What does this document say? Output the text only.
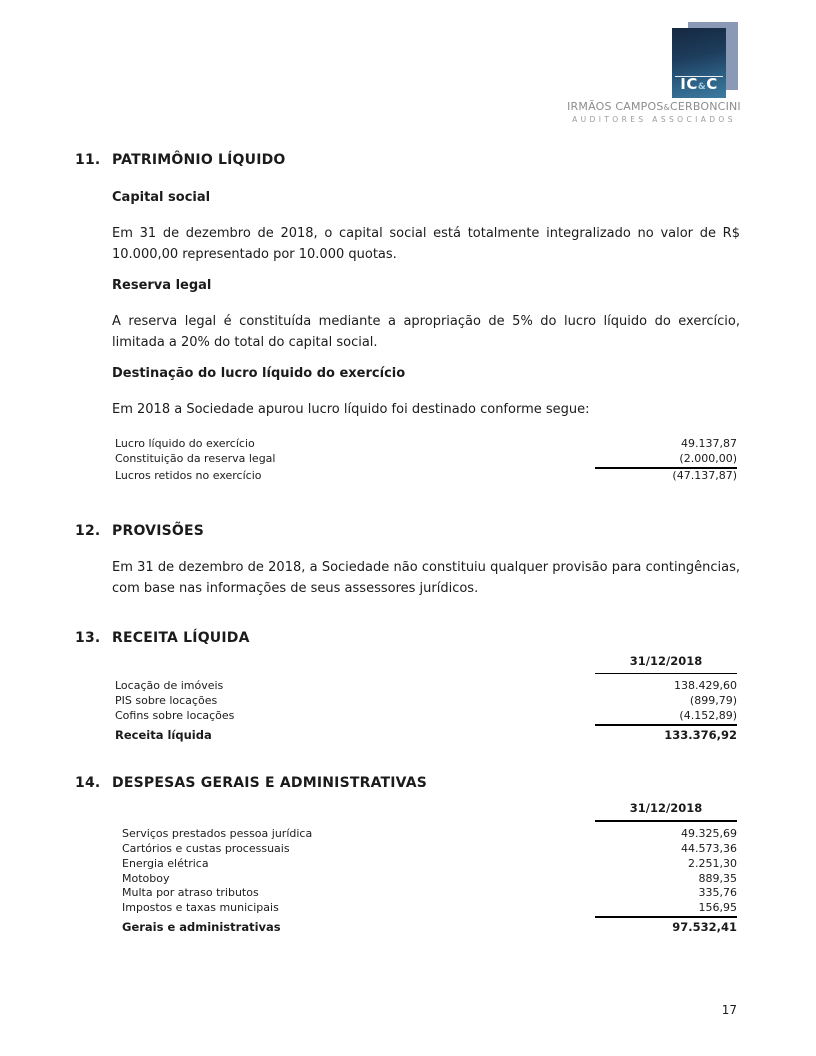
IC&C
IRMÃOS CAMPOS&CERBONCINI
AUDITORES ASSOCIADOS
11. PATRIMÔNIO LÍQUIDO
Capital social
Em 31 de dezembro de 2018, o capital social está totalmente integralizado no valor de R$ 10.000,00 representado por 10.000 quotas.
Reserva legal
A reserva legal é constituída mediante a apropriação de 5% do lucro líquido do exercício, limitada a 20% do total do capital social.
Destinação do lucro líquido do exercício
Em 2018 a Sociedade apurou lucro líquido foi destinado conforme segue:
Lucro líquido do exercício	49.137,87
Constituição da reserva legal	(2.000,00)
Lucros retidos no exercício	(47.137,87)
12. PROVISÕES
Em 31 de dezembro de 2018, a Sociedade não constituiu qualquer provisão para contingências, com base nas informações de seus assessores jurídicos.
13. RECEITA LÍQUIDA
31/12/2018
Locação de imóveis	138.429,60
PIS sobre locações	(899,79)
Cofins sobre locações	(4.152,89)
Receita líquida	133.376,92
14. DESPESAS GERAIS E ADMINISTRATIVAS
31/12/2018
Serviços prestados pessoa jurídica	49.325,69
Cartórios e custas processuais	44.573,36
Energia elétrica	2.251,30
Motoboy	889,35
Multa por atraso tributos	335,76
Impostos e taxas municipais	156,95
Gerais e administrativas	97.532,41
17
